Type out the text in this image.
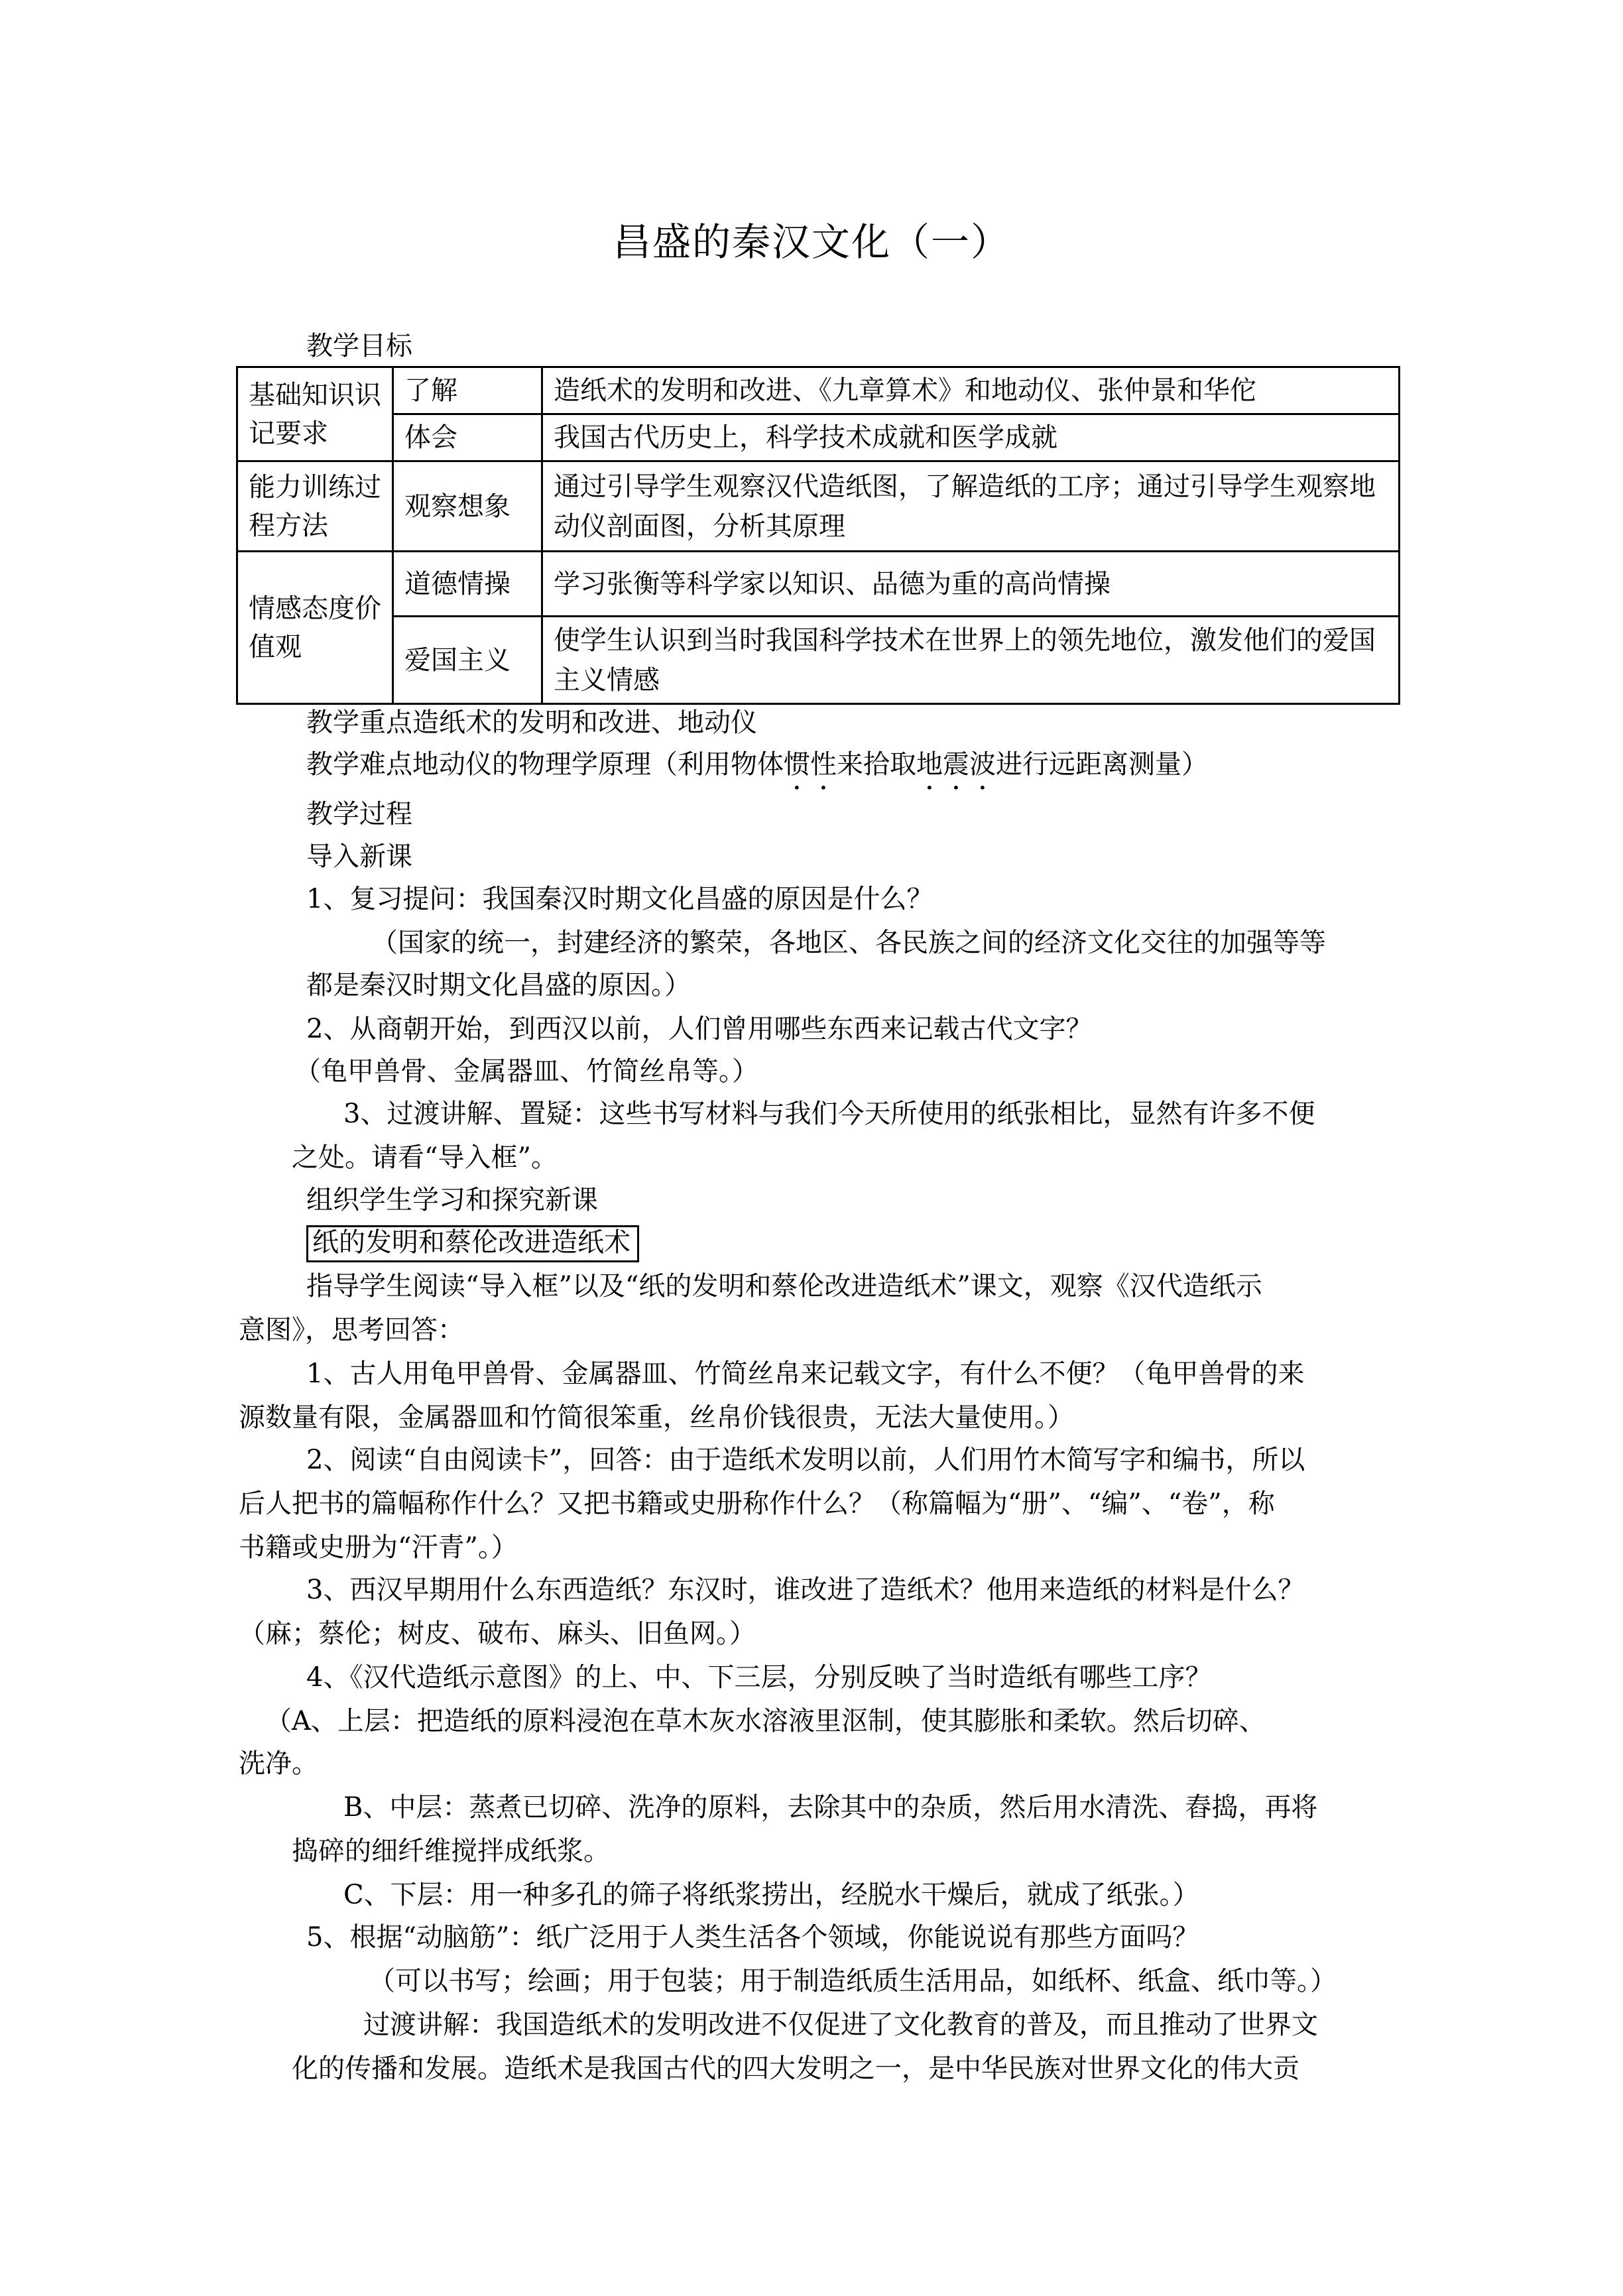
昌盛的秦汉文化（一）
教学目标
基础知识识记要求	了解	造纸术的发明和改进、《九章算术》和地动仪、张仲景和华佗
	体会	我国古代历史上，科学技术成就和医学成就
能力训练过程方法	观察想象	通过引导学生观察汉代造纸图，了解造纸的工序；通过引导学生观察地动仪剖面图，分析其原理
情感态度价值观	道德情操	学习张衡等科学家以知识、品德为重的高尚情操
	爱国主义	使学生认识到当时我国科学技术在世界上的领先地位，激发他们的爱国主义情感
教学重点造纸术的发明和改进、地动仪
教学难点地动仪的物理学原理（利用物体惯性来拾取地震波进行远距离测量）
教学过程
导入新课
1、复习提问：我国秦汉时期文化昌盛的原因是什么？
（国家的统一，封建经济的繁荣，各地区、各民族之间的经济文化交往的加强等等
都是秦汉时期文化昌盛的原因。）
2、从商朝开始，到西汉以前，人们曾用哪些东西来记载古代文字？
（龟甲兽骨、金属器皿、竹简丝帛等。）
3、过渡讲解、置疑：这些书写材料与我们今天所使用的纸张相比，显然有许多不便
之处。请看“导入框”。
组织学生学习和探究新课
纸的发明和蔡伦改进造纸术
指导学生阅读“导入框”以及“纸的发明和蔡伦改进造纸术”课文，观察《汉代造纸示
意图》，思考回答：
1、古人用龟甲兽骨、金属器皿、竹简丝帛来记载文字，有什么不便？（龟甲兽骨的来
源数量有限，金属器皿和竹简很笨重，丝帛价钱很贵，无法大量使用。）
2、阅读“自由阅读卡”，回答：由于造纸术发明以前，人们用竹木简写字和编书，所以
后人把书的篇幅称作什么？又把书籍或史册称作什么？（称篇幅为“册”、“编”、“卷”，称
书籍或史册为“汗青”。）
3、西汉早期用什么东西造纸？东汉时，谁改进了造纸术？他用来造纸的材料是什么？
（麻；蔡伦；树皮、破布、麻头、旧鱼网。）
4、《汉代造纸示意图》的上、中、下三层，分别反映了当时造纸有哪些工序？
（A、上层：把造纸的原料浸泡在草木灰水溶液里沤制，使其膨胀和柔软。然后切碎、
洗净。
B、中层：蒸煮已切碎、洗净的原料，去除其中的杂质，然后用水清洗、舂捣，再将
捣碎的细纤维搅拌成纸浆。
C、下层：用一种多孔的筛子将纸浆捞出，经脱水干燥后，就成了纸张。）
5、根据“动脑筋”：纸广泛用于人类生活各个领域，你能说说有那些方面吗？
（可以书写；绘画；用于包装；用于制造纸质生活用品，如纸杯、纸盒、纸巾等。）
过渡讲解：我国造纸术的发明改进不仅促进了文化教育的普及，而且推动了世界文
化的传播和发展。造纸术是我国古代的四大发明之一，是中华民族对世界文化的伟大贡
